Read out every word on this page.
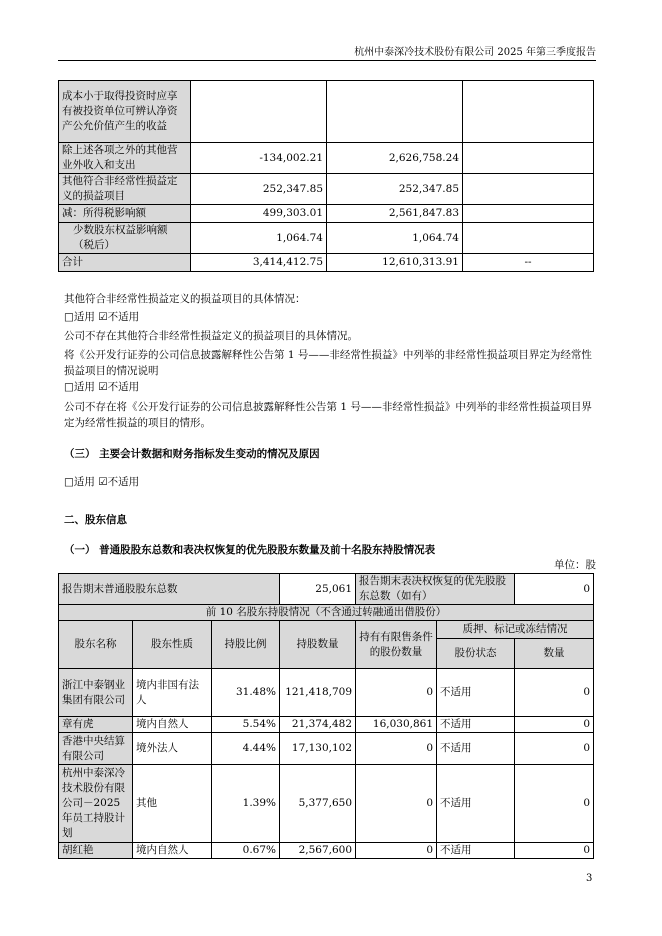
杭州中泰深冷技术股份有限公司 2025 年第三季度报告
成本小于取得投资时应享有被投资单位可辨认净资产公允价值产生的收益			
除上述各项之外的其他营业外收入和支出	-134,002.21	2,626,758.24	
其他符合非经常性损益定义的损益项目	252,347.85	252,347.85	
减：所得税影响额	499,303.01	2,561,847.83	
少数股东权益影响额（税后）	1,064.74	1,064.74	
合计	3,414,412.75	12,610,313.91	--
其他符合非经常性损益定义的损益项目的具体情况：
□适用 ☑不适用
公司不存在其他符合非经常性损益定义的损益项目的具体情况。
将《公开发行证券的公司信息披露解释性公告第 1 号——非经常性损益》中列举的非经常性损益项目界定为经常性损益项目的情况说明
□适用 ☑不适用
公司不存在将《公开发行证券的公司信息披露解释性公告第 1 号——非经常性损益》中列举的非经常性损益项目界定为经常性损益的项目的情形。
（三） 主要会计数据和财务指标发生变动的情况及原因
□适用 ☑不适用
二、股东信息
（一） 普通股股东总数和表决权恢复的优先股股东数量及前十名股东持股情况表
单位：股
报告期末普通股股东总数			25,061	报告期末表决权恢复的优先股股东总数（如有）		0
前 10 名股东持股情况（不含通过转融通出借股份）						
股东名称	股东性质	持股比例	持股数量	持有有限售条件的股份数量	质押、标记或冻结情况	
					股份状态	数量
浙江中泰钢业集团有限公司	境内非国有法人	31.48%	121,418,709	0	不适用	0
章有虎	境内自然人	5.54%	21,374,482	16,030,861	不适用	0
香港中央结算有限公司	境外法人	4.44%	17,130,102	0	不适用	0
杭州中泰深冷技术股份有限公司－2025 年员工持股计划	其他	1.39%	5,377,650	0	不适用	0
胡红艳	境内自然人	0.67%	2,567,600	0	不适用	0
3
